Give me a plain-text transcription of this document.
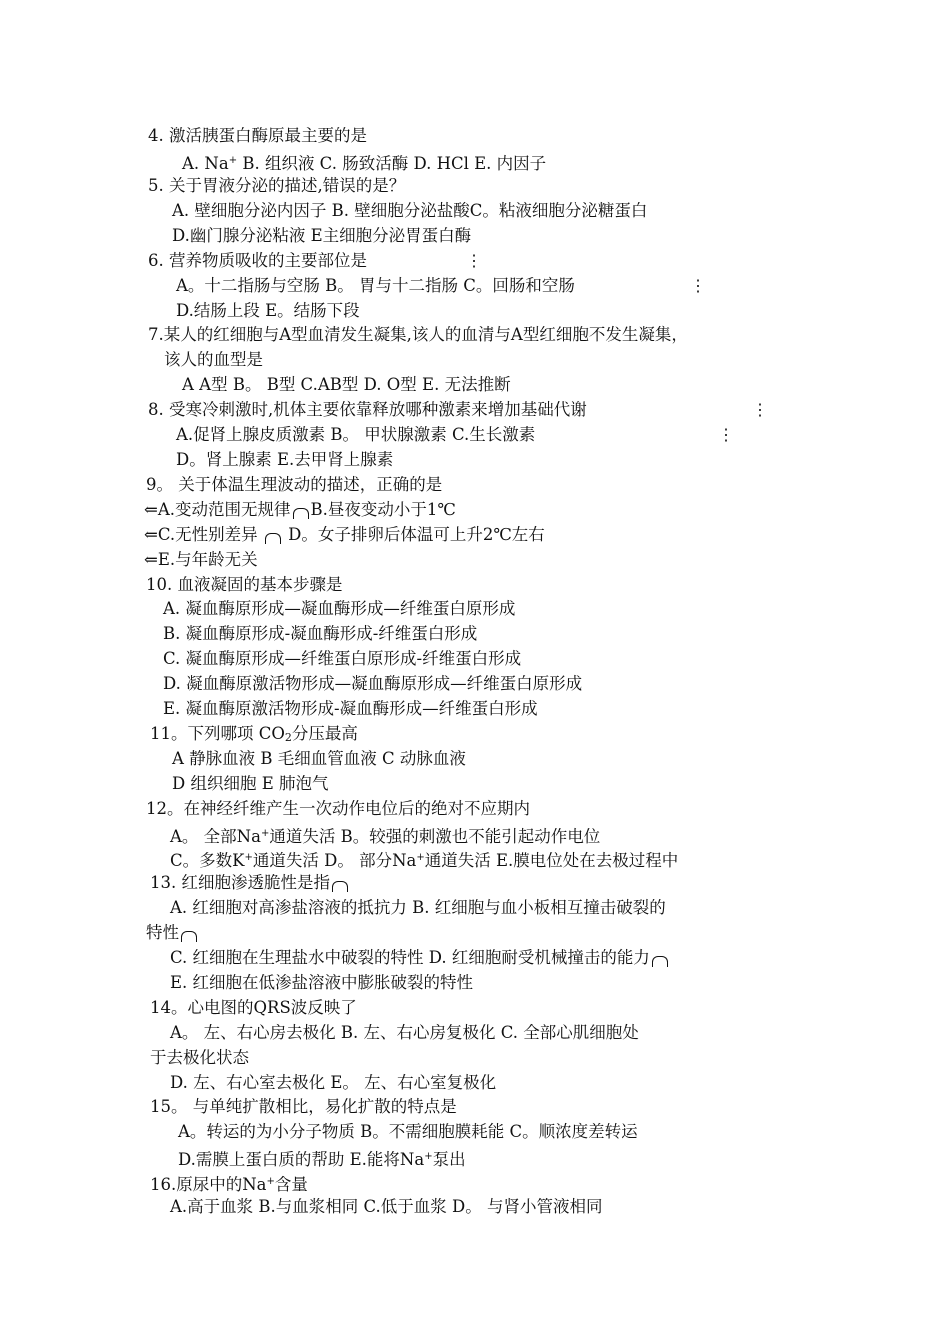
4. 激活胰蛋白酶原最主要的是
A. Na+ B. 组织液 C. 肠致活酶 D. HCl E. 内因子
5. 关于胃液分泌的描述,错误的是？
A. 壁细胞分泌内因子 B. 壁细胞分泌盐酸C。粘液细胞分泌糖蛋白
D.幽门腺分泌粘液 E主细胞分泌胃蛋白酶
6. 营养物质吸收的主要部位是
A。十二指肠与空肠 B。 胃与十二指肠 C。回肠和空肠
D.结肠上段 E。结肠下段
7.某人的红细胞与A型血清发生凝集,该人的血清与A型红细胞不发生凝集，
该人的血型是
A A型 B。 B型 C.AB型 D. O型 E. 无法推断
8. 受寒冷刺激时,机体主要依靠释放哪种激素来增加基础代谢
A.促肾上腺皮质激素 B。 甲状腺激素 C.生长激素
D。肾上腺素 E.去甲肾上腺素
9。 关于体温生理波动的描述，正确的是
⇐A.变动范围无规律 B.昼夜变动小于1℃
⇐C.无性别差异  D。女子排卵后体温可上升2℃左右
⇐E.与年龄无关
10. 血液凝固的基本步骤是
A. 凝血酶原形成—凝血酶形成—纤维蛋白原形成
B. 凝血酶原形成-凝血酶形成-纤维蛋白形成
C. 凝血酶原形成—纤维蛋白原形成-纤维蛋白形成
D. 凝血酶原激活物形成—凝血酶原形成—纤维蛋白原形成
E. 凝血酶原激活物形成-凝血酶形成—纤维蛋白形成
11。下列哪项 CO2分压最高
A 静脉血液 B 毛细血管血液 C 动脉血液
D 组织细胞 E 肺泡气
12。在神经纤维产生一次动作电位后的绝对不应期内
A。 全部Na+通道失活 B。较强的刺激也不能引起动作电位
C。多数K+通道失活 D。 部分Na+通道失活 E.膜电位处在去极过程中
13. 红细胞渗透脆性是指
A. 红细胞对高渗盐溶液的抵抗力 B. 红细胞与血小板相互撞击破裂的
特性
C. 红细胞在生理盐水中破裂的特性 D. 红细胞耐受机械撞击的能力
E. 红细胞在低渗盐溶液中膨胀破裂的特性
14。心电图的QRS波反映了
A。 左、右心房去极化 B. 左、右心房复极化 C. 全部心肌细胞处
于去极化状态
D. 左、右心室去极化 E。 左、右心室复极化
15。 与单纯扩散相比，易化扩散的特点是
A。转运的为小分子物质 B。不需细胞膜耗能 C。顺浓度差转运
D.需膜上蛋白质的帮助 E.能将Na+泵出
16.原尿中的Na+含量
A.高于血浆 B.与血浆相同 C.低于血浆 D。 与肾小管液相同
⋮
⋮
⋮
⋮
